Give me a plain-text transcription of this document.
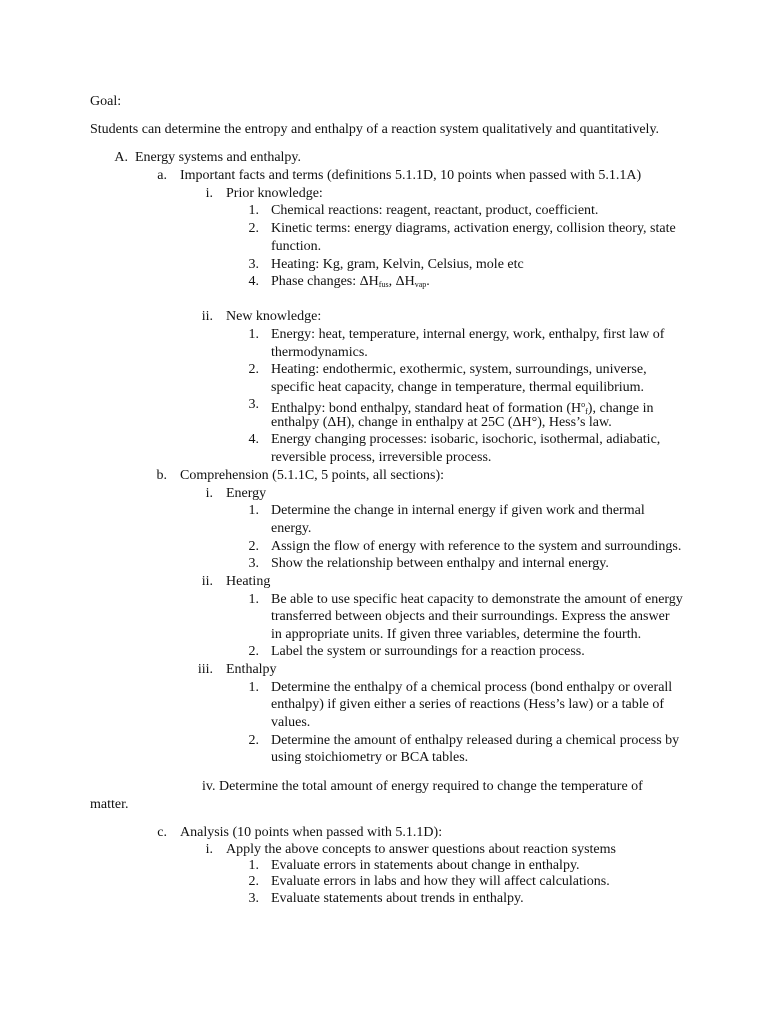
Goal:
Students can determine the entropy and enthalpy of a reaction system qualitatively and quantitatively.
A. Energy systems and enthalpy.
a. Important facts and terms (definitions 5.1.1D, 10 points when passed with 5.1.1A)
i. Prior knowledge:
1. Chemical reactions: reagent, reactant, product, coefficient.
2. Kinetic terms: energy diagrams, activation energy, collision theory, state
function.
3. Heating: Kg, gram, Kelvin, Celsius, mole etc
4. Phase changes: $\Delta H_{fus}$, $\Delta H_{vap}$.
ii. New knowledge:
1. Energy: heat, temperature, internal energy, work, enthalpy, first law of
thermodynamics.
2. Heating: endothermic, exothermic, system, surroundings, universe,
specific heat capacity, change in temperature, thermal equilibrium.
3. Enthalpy: bond enthalpy, standard heat of formation $(H^o_f)$, change in
enthalpy (ΔH), change in enthalpy at 25C (ΔH°), Hess’s law.
4. Energy changing processes: isobaric, isochoric, isothermal, adiabatic,
reversible process, irreversible process.
b. Comprehension (5.1.1C, 5 points, all sections):
i. Energy
1. Determine the change in internal energy if given work and thermal
energy.
2. Assign the flow of energy with reference to the system and surroundings.
3. Show the relationship between enthalpy and internal energy.
ii. Heating
1. Be able to use specific heat capacity to demonstrate the amount of energy
transferred between objects and their surroundings. Express the answer
in appropriate units. If given three variables, determine the fourth.
2. Label the system or surroundings for a reaction process.
iii. Enthalpy
1. Determine the enthalpy of a chemical process (bond enthalpy or overall
enthalpy) if given either a series of reactions (Hess’s law) or a table of
values.
2. Determine the amount of enthalpy released during a chemical process by
using stoichiometry or BCA tables.
iv. Determine the total amount of energy required to change the temperature of
matter.
c. Analysis (10 points when passed with 5.1.1D):
i. Apply the above concepts to answer questions about reaction systems
1. Evaluate errors in statements about change in enthalpy.
2. Evaluate errors in labs and how they will affect calculations.
3. Evaluate statements about trends in enthalpy.
